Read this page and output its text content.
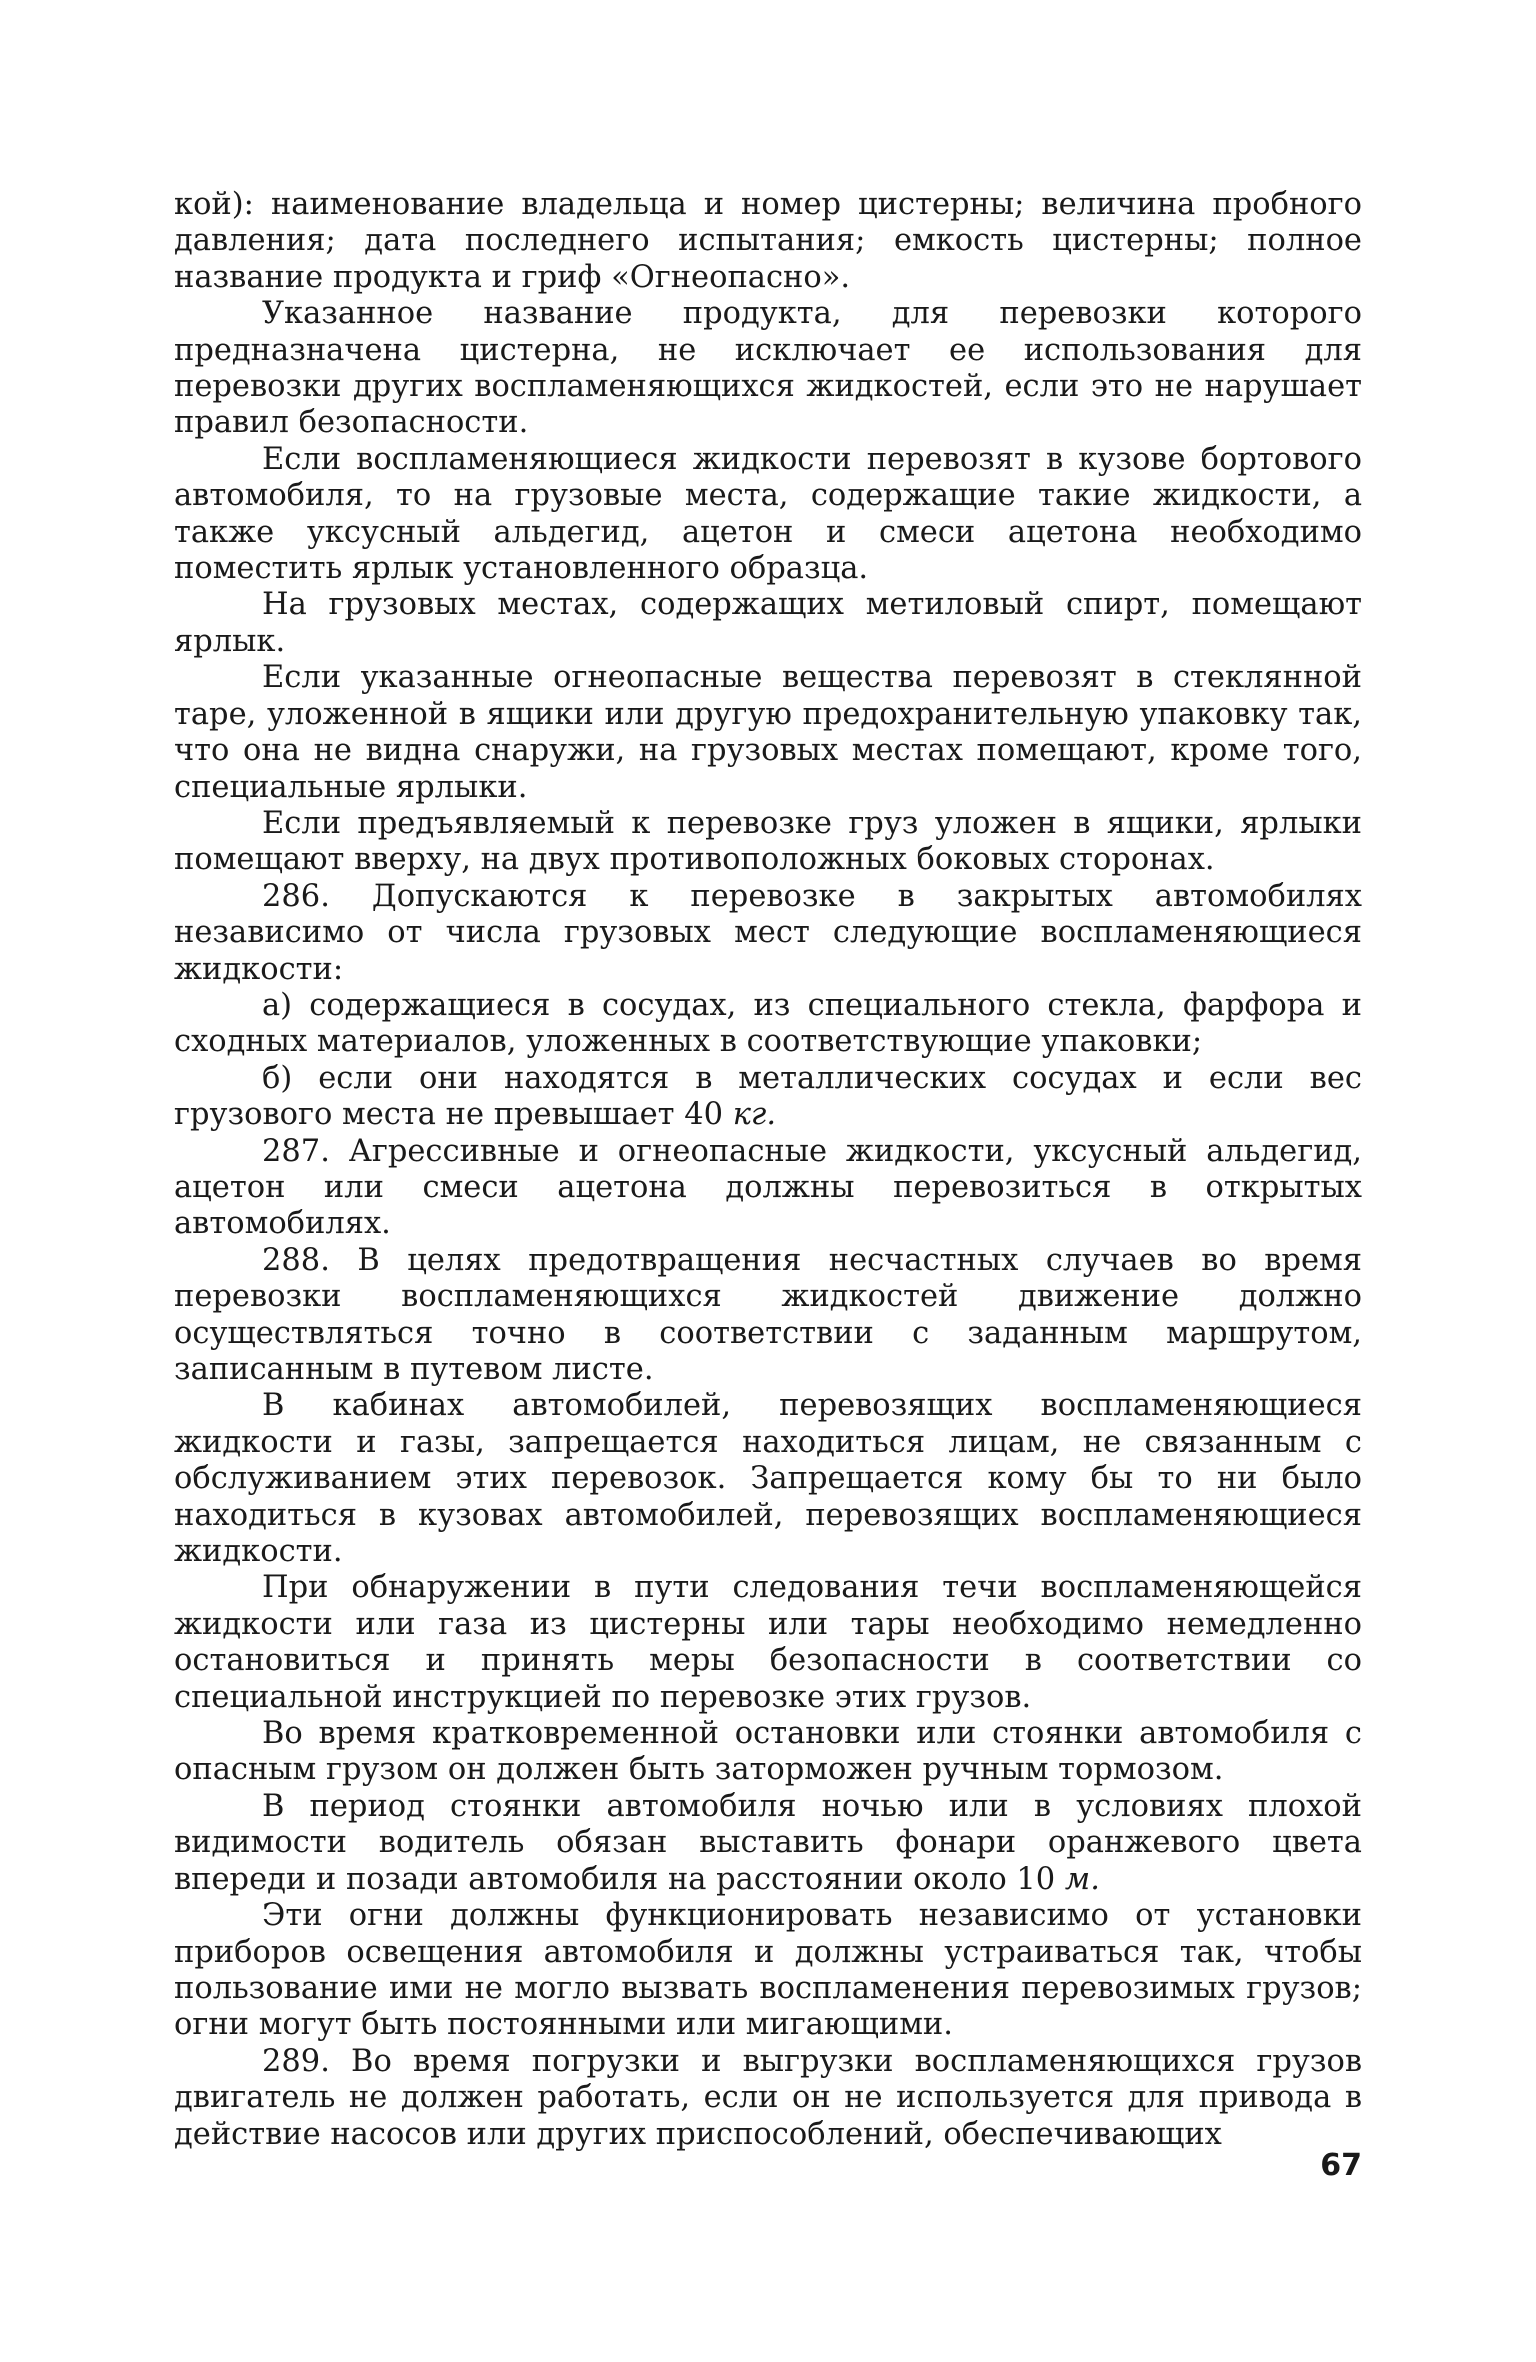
кой): наименование владельца и номер цистерны; величина пробного давления; дата последнего испытания; емкость цистерны; полное название продукта и гриф «Огнеопасно».

Указанное название продукта, для перевозки которого предназначена цистерна, не исключает ее использования для перевозки других воспламеняющихся жидкостей, если это не нарушает правил безопасности.

Если воспламеняющиеся жидкости перевозят в кузове бортового автомобиля, то на грузовые места, содержащие такие жидкости, а также уксусный альдегид, ацетон и смеси ацетона необходимо поместить ярлык установленного образца.

На грузовых местах, содержащих метиловый спирт, помещают ярлык.

Если указанные огнеопасные вещества перевозят в стеклянной таре, уложенной в ящики или другую предохранительную упаковку так, что она не видна снаружи, на грузовых местах помещают, кроме того, специальные ярлыки.

Если предъявляемый к перевозке груз уложен в ящики, ярлыки помещают вверху, на двух противоположных боковых сторонах.

286. Допускаются к перевозке в закрытых автомобилях независимо от числа грузовых мест следующие воспламеняющиеся жидкости:

а) содержащиеся в сосудах, из специального стекла, фарфора и сходных материалов, уложенных в соответствующие упаковки;

б) если они находятся в металлических сосудах и если вес грузового места не превышает 40 кг.

287. Агрессивные и огнеопасные жидкости, уксусный альдегид, ацетон или смеси ацетона должны перевозиться в открытых автомобилях.

288. В целях предотвращения несчастных случаев во время перевозки воспламеняющихся жидкостей движение должно осуществляться точно в соответствии с заданным маршрутом, записанным в путевом листе.

В кабинах автомобилей, перевозящих воспламеняющиеся жидкости и газы, запрещается находиться лицам, не связанным с обслуживанием этих перевозок. Запрещается кому бы то ни было находиться в кузовах автомобилей, перевозящих воспламеняющиеся жидкости.

При обнаружении в пути следования течи воспламеняющейся жидкости или газа из цистерны или тары необходимо немедленно остановиться и принять меры безопасности в соответствии со специальной инструкцией по перевозке этих грузов.

Во время кратковременной остановки или стоянки автомобиля с опасным грузом он должен быть заторможен ручным тормозом.

В период стоянки автомобиля ночью или в условиях плохой видимости водитель обязан выставить фонари оранжевого цвета впереди и позади автомобиля на расстоянии около 10 м.

Эти огни должны функционировать независимо от установки приборов освещения автомобиля и должны устраиваться так, чтобы пользование ими не могло вызвать воспламенения перевозимых грузов; огни могут быть постоянными или мигающими.

289. Во время погрузки и выгрузки воспламеняющихся грузов двигатель не должен работать, если он не используется для привода в действие насосов или других приспособлений, обеспечивающих

67
